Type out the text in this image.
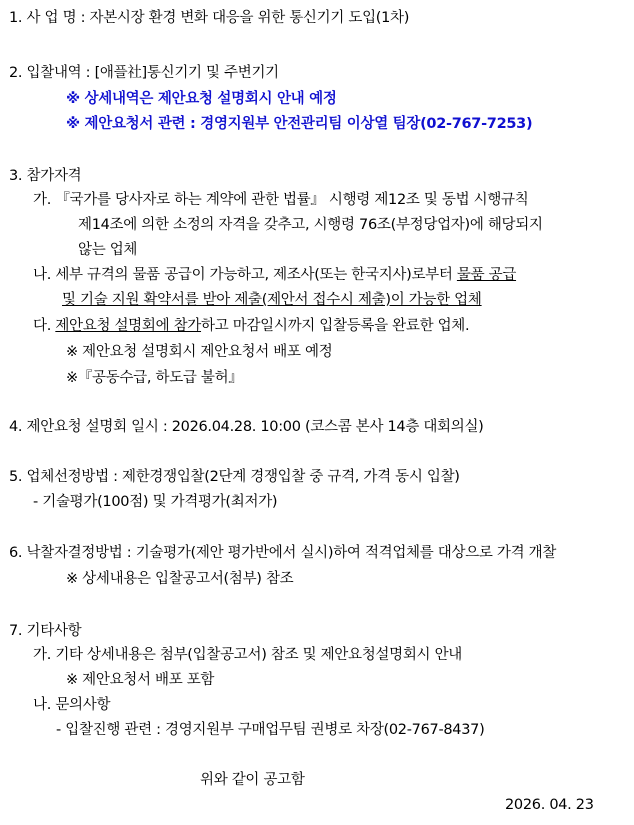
1. 사 업 명 : 자본시장 환경 변화 대응을 위한 통신기기 도입(1차)
2. 입찰내역 : [애플社]통신기기 및 주변기기
※ 상세내역은 제안요청 설명회시 안내 예정
※ 제안요청서 관련 : 경영지원부 안전관리팀 이상열 팀장(02-767-7253)
3. 참가자격
가. 『국가를 당사자로 하는 계약에 관한 법률』 시행령 제12조 및 동법 시행규칙
제14조에 의한 소정의 자격을 갖추고, 시행령 76조(부정당업자)에 해당되지
않는 업체
나. 세부 규격의 물품 공급이 가능하고, 제조사(또는 한국지사)로부터 물품 공급
및 기술 지원 확약서를 받아 제출(제안서 접수시 제출)이 가능한 업체
다. 제안요청 설명회에 참가하고 마감일시까지 입찰등록을 완료한 업체.
※ 제안요청 설명회시 제안요청서 배포 예정
※『공동수급, 하도급 불허』
4. 제안요청 설명회 일시 : 2026.04.28. 10:00 (코스콤 본사 14층 대회의실)
5. 업체선정방법 : 제한경쟁입찰(2단계 경쟁입찰 중 규격, 가격 동시 입찰)
- 기술평가(100점) 및 가격평가(최저가)
6. 낙찰자결정방법 : 기술평가(제안 평가반에서 실시)하여 적격업체를 대상으로 가격 개찰
※ 상세내용은 입찰공고서(첨부) 참조
7. 기타사항
가. 기타 상세내용은 첨부(입찰공고서) 참조 및 제안요청설명회시 안내
※ 제안요청서 배포 포함
나. 문의사항
- 입찰진행 관련 : 경영지원부 구매업무팀 권병로 차장(02-767-8437)
위와 같이 공고함
2026. 04. 23
